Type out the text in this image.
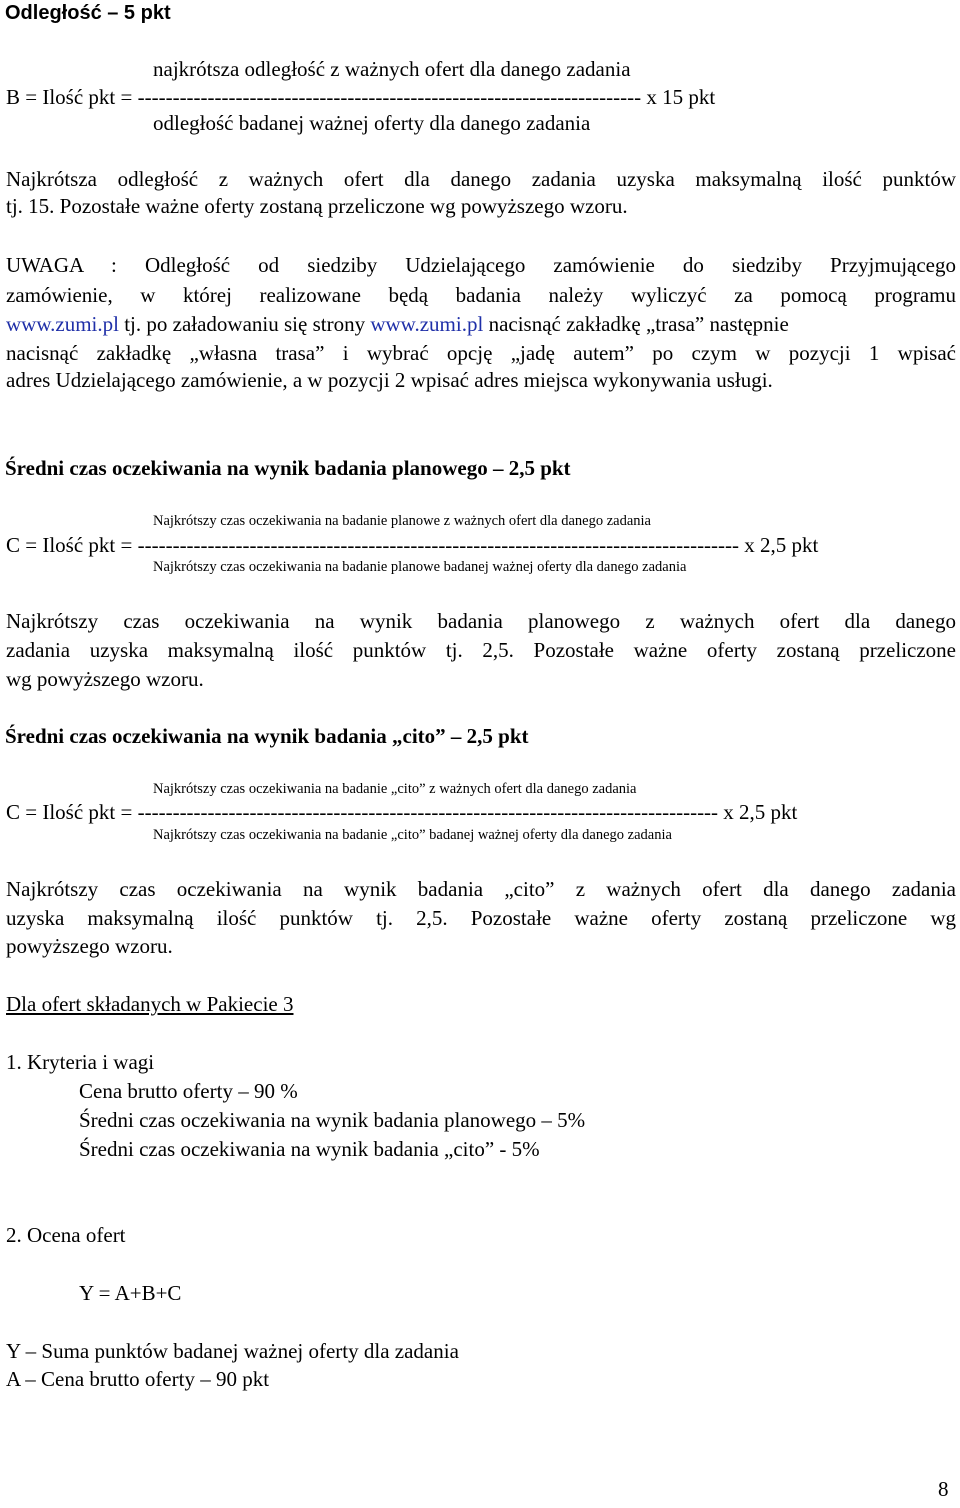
Odległość – 5 pkt
najkrótsza odległość z ważnych ofert dla danego zadania
B = Ilość pkt = ------------------------------------------------------------------------ x 15 pkt
odległość badanej ważnej oferty dla danego zadania
Najkrótsza odległość z ważnych ofert dla danego zadania uzyska maksymalną ilość punktów
tj. 15. Pozostałe ważne oferty zostaną przeliczone wg powyższego wzoru.
UWAGA : Odległość od siedziby Udzielającego zamówienie do siedziby Przyjmującego
zamówienie, w której realizowane będą badania należy wyliczyć za pomocą programu
www.zumi.pl tj. po załadowaniu się strony www.zumi.pl nacisnąć zakładkę „trasa” następnie
nacisnąć zakładkę „własna trasa” i wybrać opcję „jadę autem” po czym w pozycji 1 wpisać
adres Udzielającego zamówienie, a w pozycji 2 wpisać adres miejsca wykonywania usługi.
Średni czas oczekiwania na wynik badania planowego – 2,5 pkt
Najkrótszy czas oczekiwania na badanie planowe z ważnych ofert dla danego zadania
C = Ilość pkt = -------------------------------------------------------------------------------------- x 2,5 pkt
Najkrótszy czas oczekiwania na badanie planowe badanej ważnej oferty dla danego zadania
Najkrótszy czas oczekiwania na wynik badania planowego z ważnych ofert dla danego
zadania uzyska maksymalną ilość punktów tj. 2,5. Pozostałe ważne oferty zostaną przeliczone
wg powyższego wzoru.
Średni czas oczekiwania na wynik badania „cito” – 2,5 pkt
Najkrótszy czas oczekiwania na badanie „cito” z ważnych ofert dla danego zadania
C = Ilość pkt = ----------------------------------------------------------------------------------- x 2,5 pkt
Najkrótszy czas oczekiwania na badanie „cito” badanej ważnej oferty dla danego zadania
Najkrótszy czas oczekiwania na wynik badania „cito” z ważnych ofert dla danego zadania
uzyska maksymalną ilość punktów tj. 2,5. Pozostałe ważne oferty zostaną przeliczone wg
powyższego wzoru.
Dla ofert składanych w Pakiecie 3
1. Kryteria i wagi
Cena brutto oferty – 90 %
Średni czas oczekiwania na wynik badania planowego – 5%
Średni czas oczekiwania na wynik badania „cito” - 5%
2. Ocena ofert
Y = A+B+C
Y – Suma punktów badanej ważnej oferty dla zadania
A – Cena brutto oferty – 90 pkt
8
